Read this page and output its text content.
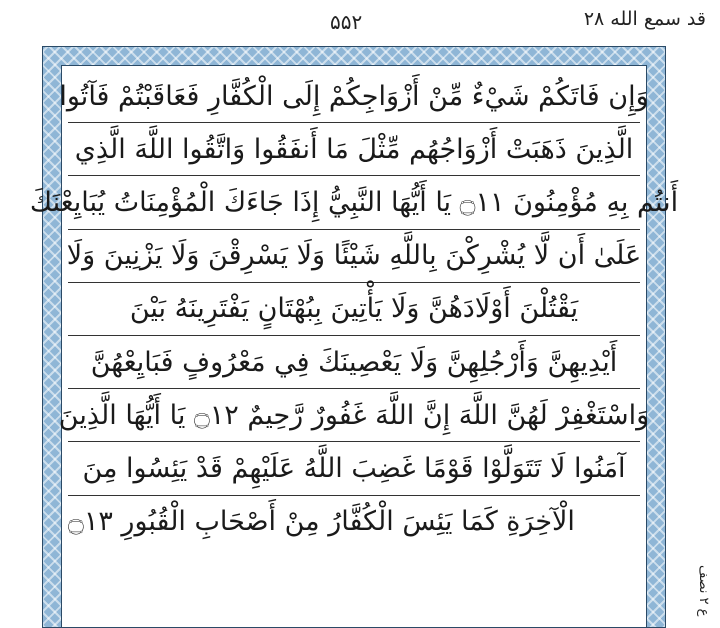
قد سمع الله ۲۸
۵۵۲
وَإِن فَاتَكُمْ شَيْءٌ مِّنْ أَزْوَاجِكُمْ إِلَى الْكُفَّارِ فَعَاقَبْتُمْ فَآتُوا
الَّذِينَ ذَهَبَتْ أَزْوَاجُهُم مِّثْلَ مَا أَنفَقُوا وَاتَّقُوا اللَّهَ الَّذِي
أَنتُم بِهِ مُؤْمِنُونَ ۝١١ يَا أَيُّهَا النَّبِيُّ إِذَا جَاءَكَ الْمُؤْمِنَاتُ يُبَايِعْنَكَ
عَلَىٰ أَن لَّا يُشْرِكْنَ بِاللَّهِ شَيْئًا وَلَا يَسْرِقْنَ وَلَا يَزْنِينَ وَلَا
يَقْتُلْنَ أَوْلَادَهُنَّ وَلَا يَأْتِينَ بِبُهْتَانٍ يَفْتَرِينَهُ بَيْنَ
أَيْدِيهِنَّ وَأَرْجُلِهِنَّ وَلَا يَعْصِينَكَ فِي مَعْرُوفٍ فَبَايِعْهُنَّ
وَاسْتَغْفِرْ لَهُنَّ اللَّهَ إِنَّ اللَّهَ غَفُورٌ رَّحِيمٌ ۝١٢ يَا أَيُّهَا الَّذِينَ
آمَنُوا لَا تَتَوَلَّوْا قَوْمًا غَضِبَ اللَّهُ عَلَيْهِمْ قَدْ يَئِسُوا مِنَ
الْآخِرَةِ كَمَا يَئِسَ الْكُفَّارُ مِنْ أَصْحَابِ الْقُبُورِ ۝١٣
ع ۲ نصف
